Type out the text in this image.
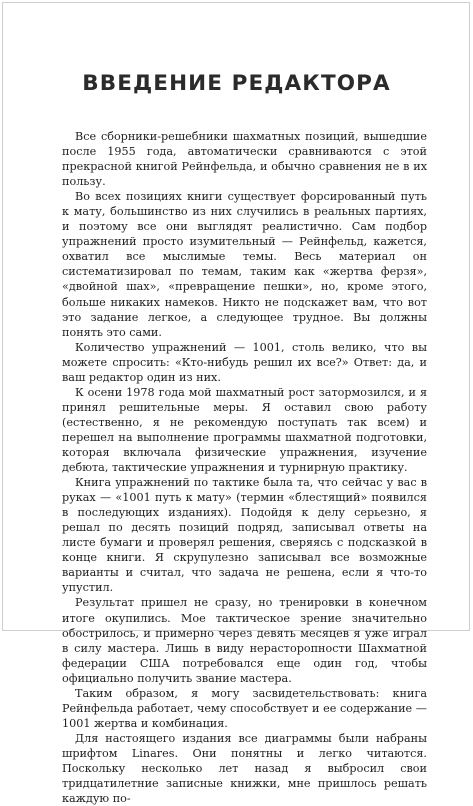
ВВЕДЕНИЕ РЕДАКТОРА

Все сборники-решебники шахматных позиций, вышедшие после 1955 года, автоматически сравниваются с этой прекрасной книгой Рейнфельда, и обычно сравнения не в их пользу.

Во всех позициях книги существует форсированный путь к мату, большинство из них случились в реальных партиях, и поэтому все они выглядят реалистично. Сам подбор упражнений просто изумительный — Рейнфельд, кажется, охватил все мыслимые темы. Весь материал он систематизировал по темам, таким как «жертва ферзя», «двойной шах», «превращение пешки», но, кроме этого, больше никаких намеков. Никто не подскажет вам, что вот это задание легкое, а следующее трудное. Вы должны понять это сами.

Количество упражнений — 1001, столь велико, что вы можете спросить: «Кто-нибудь решил их все?» Ответ: да, и ваш редактор один из них.

К осени 1978 года мой шахматный рост затормозился, и я принял решительные меры. Я оставил свою работу (естественно, я не рекомендую поступать так всем) и перешел на выполнение программы шахматной подготовки, которая включала физические упражнения, изучение дебюта, тактические упражнения и турнирную практику.

Книга упражнений по тактике была та, что сейчас у вас в руках — «1001 путь к мату» (термин «блестящий» появился в последующих изданиях). Подойдя к делу серьезно, я решал по десять позиций подряд, записывал ответы на листе бумаги и проверял решения, сверяясь с подсказкой в конце книги. Я скрупулезно записывал все возможные варианты и считал, что задача не решена, если я что-то упустил.

Результат пришел не сразу, но тренировки в конечном итоге окупились. Мое тактическое зрение значительно обострилось, и примерно через девять месяцев я уже играл в силу мастера. Лишь в виду нерасторопности Шахматной федерации США потребовался еще один год, чтобы официально получить звание мастера.

Таким образом, я могу засвидетельствовать: книга Рейнфельда работает, чему способствует и ее содержание — 1001 жертва и комбинация.

Для настоящего издания все диаграммы были набраны шрифтом Linares. Они понятны и легко читаются. Поскольку несколько лет назад я выбросил свои тридцатилетние записные книжки, мне пришлось решать каждую по-
